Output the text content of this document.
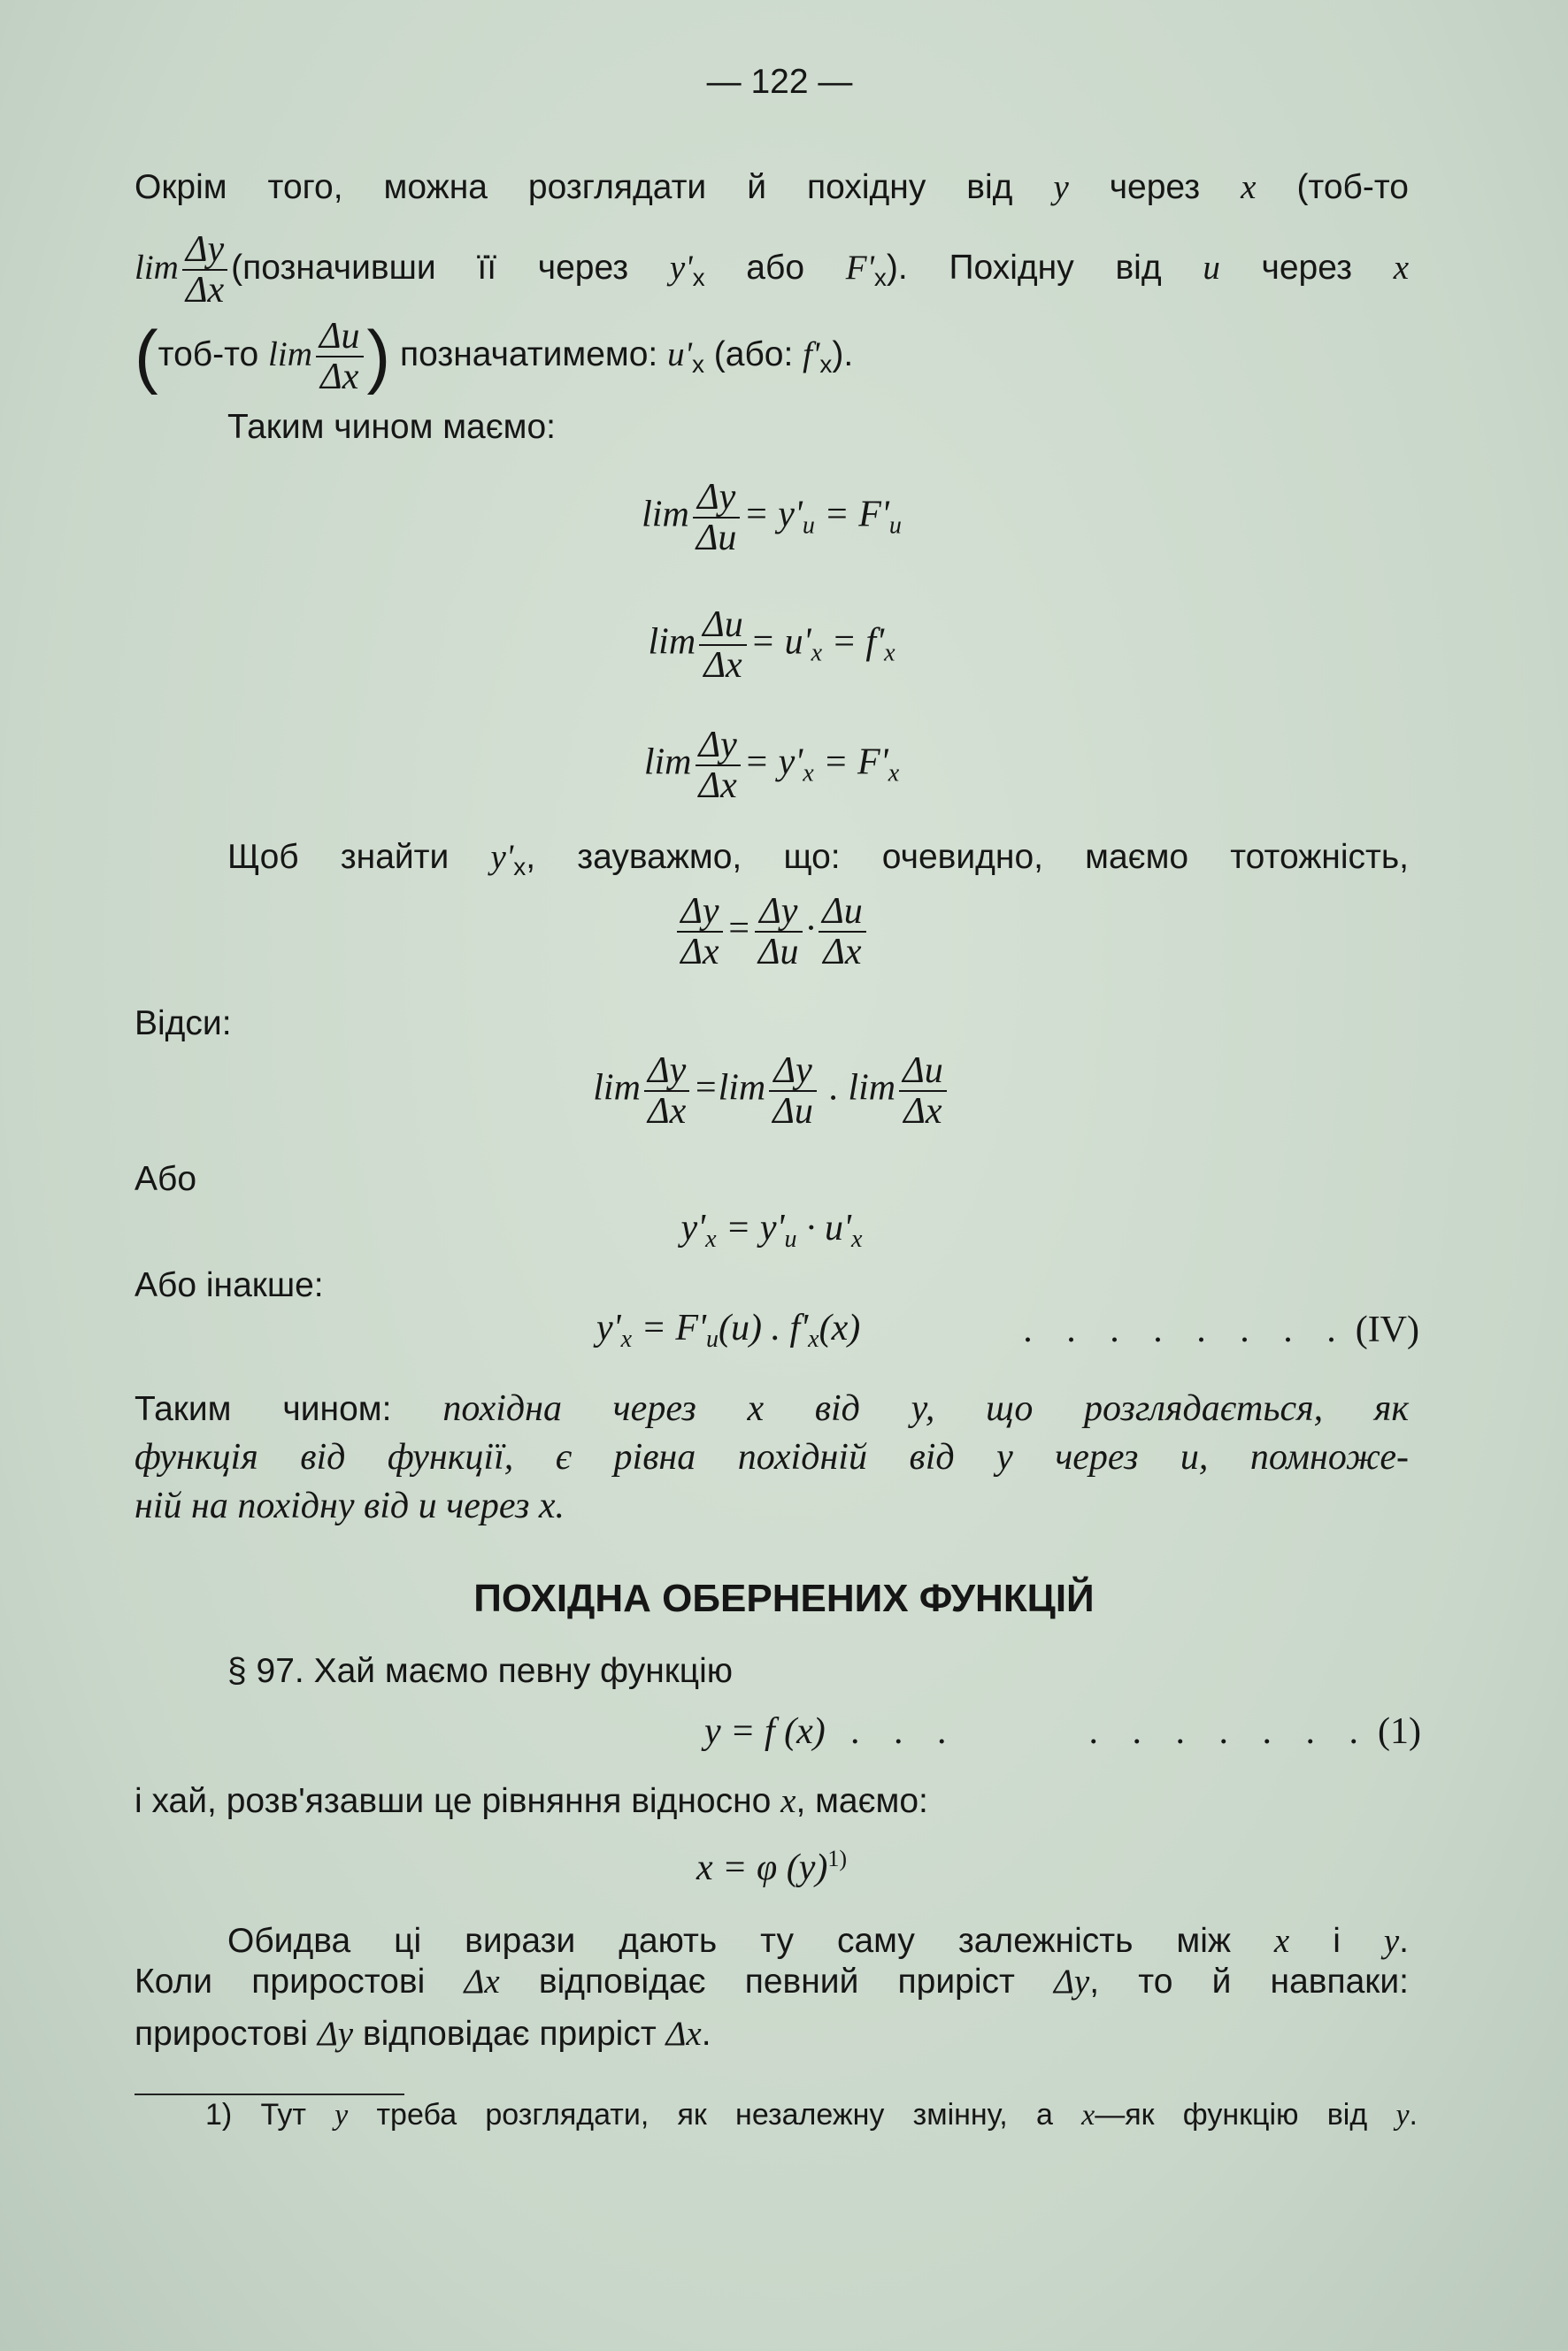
— 122 —
Окрім того, можна розглядати й похідну від y через x (тоб-то
$\lim \frac{\Delta y}{\Delta x}$ (позначивши її через $y'_x$ або $F'_x$). Похідну від u через x
(тоб-то $\lim \frac{\Delta u}{\Delta x}$ ) позначатимемо: $u'_x$ (або: $f'_x$).
Таким чином маємо:
$\lim \frac{\Delta y}{\Delta u} = y'_u = F'_u$
$\lim \frac{\Delta u}{\Delta x} = u'_x = f'_x$
$\lim \frac{\Delta y}{\Delta x} = y'_x = F'_x$
Щоб знайти $y'_x$, зауважмо, що: очевидно, маємо тотожність,
$\frac{\Delta y}{\Delta x} = \frac{\Delta y}{\Delta u} \cdot \frac{\Delta u}{\Delta x}$
Відси:
$\lim \frac{\Delta y}{\Delta x} =\lim \frac{\Delta y}{\Delta u}$ . $\lim \frac{\Delta u}{\Delta x}$
Або
$y'_x = y'_u \cdot u'_x$
Або інакше:
$y'_x = F'_u(u)$ . $f'_x(x)$	. . . . . . . . (IV)
Таким чином: похідна через x від y, що розглядається, як
функція від функції, є рівна похідній від y через u, помноже-
ній на похідну від u через x.
ПОХІДНА ОБЕРНЕНИХ ФУНКЦІЙ
§ 97. Хай маємо певну функцію
y = f (x) . . .      . . . . . . . (1)
і хай, розв'язавши це рівняння відносно x, маємо:
x = φ $(y)^{1)}$
Обидва ці вирази дають ту саму залежність між x і y.
Коли приростові Δx відповідає певний приріст Δy, то й навпаки:
приростові Δy відповідає приріст Δx.
1) Тут y треба розглядати, як незалежну змінну, а x—як функцію від y.
